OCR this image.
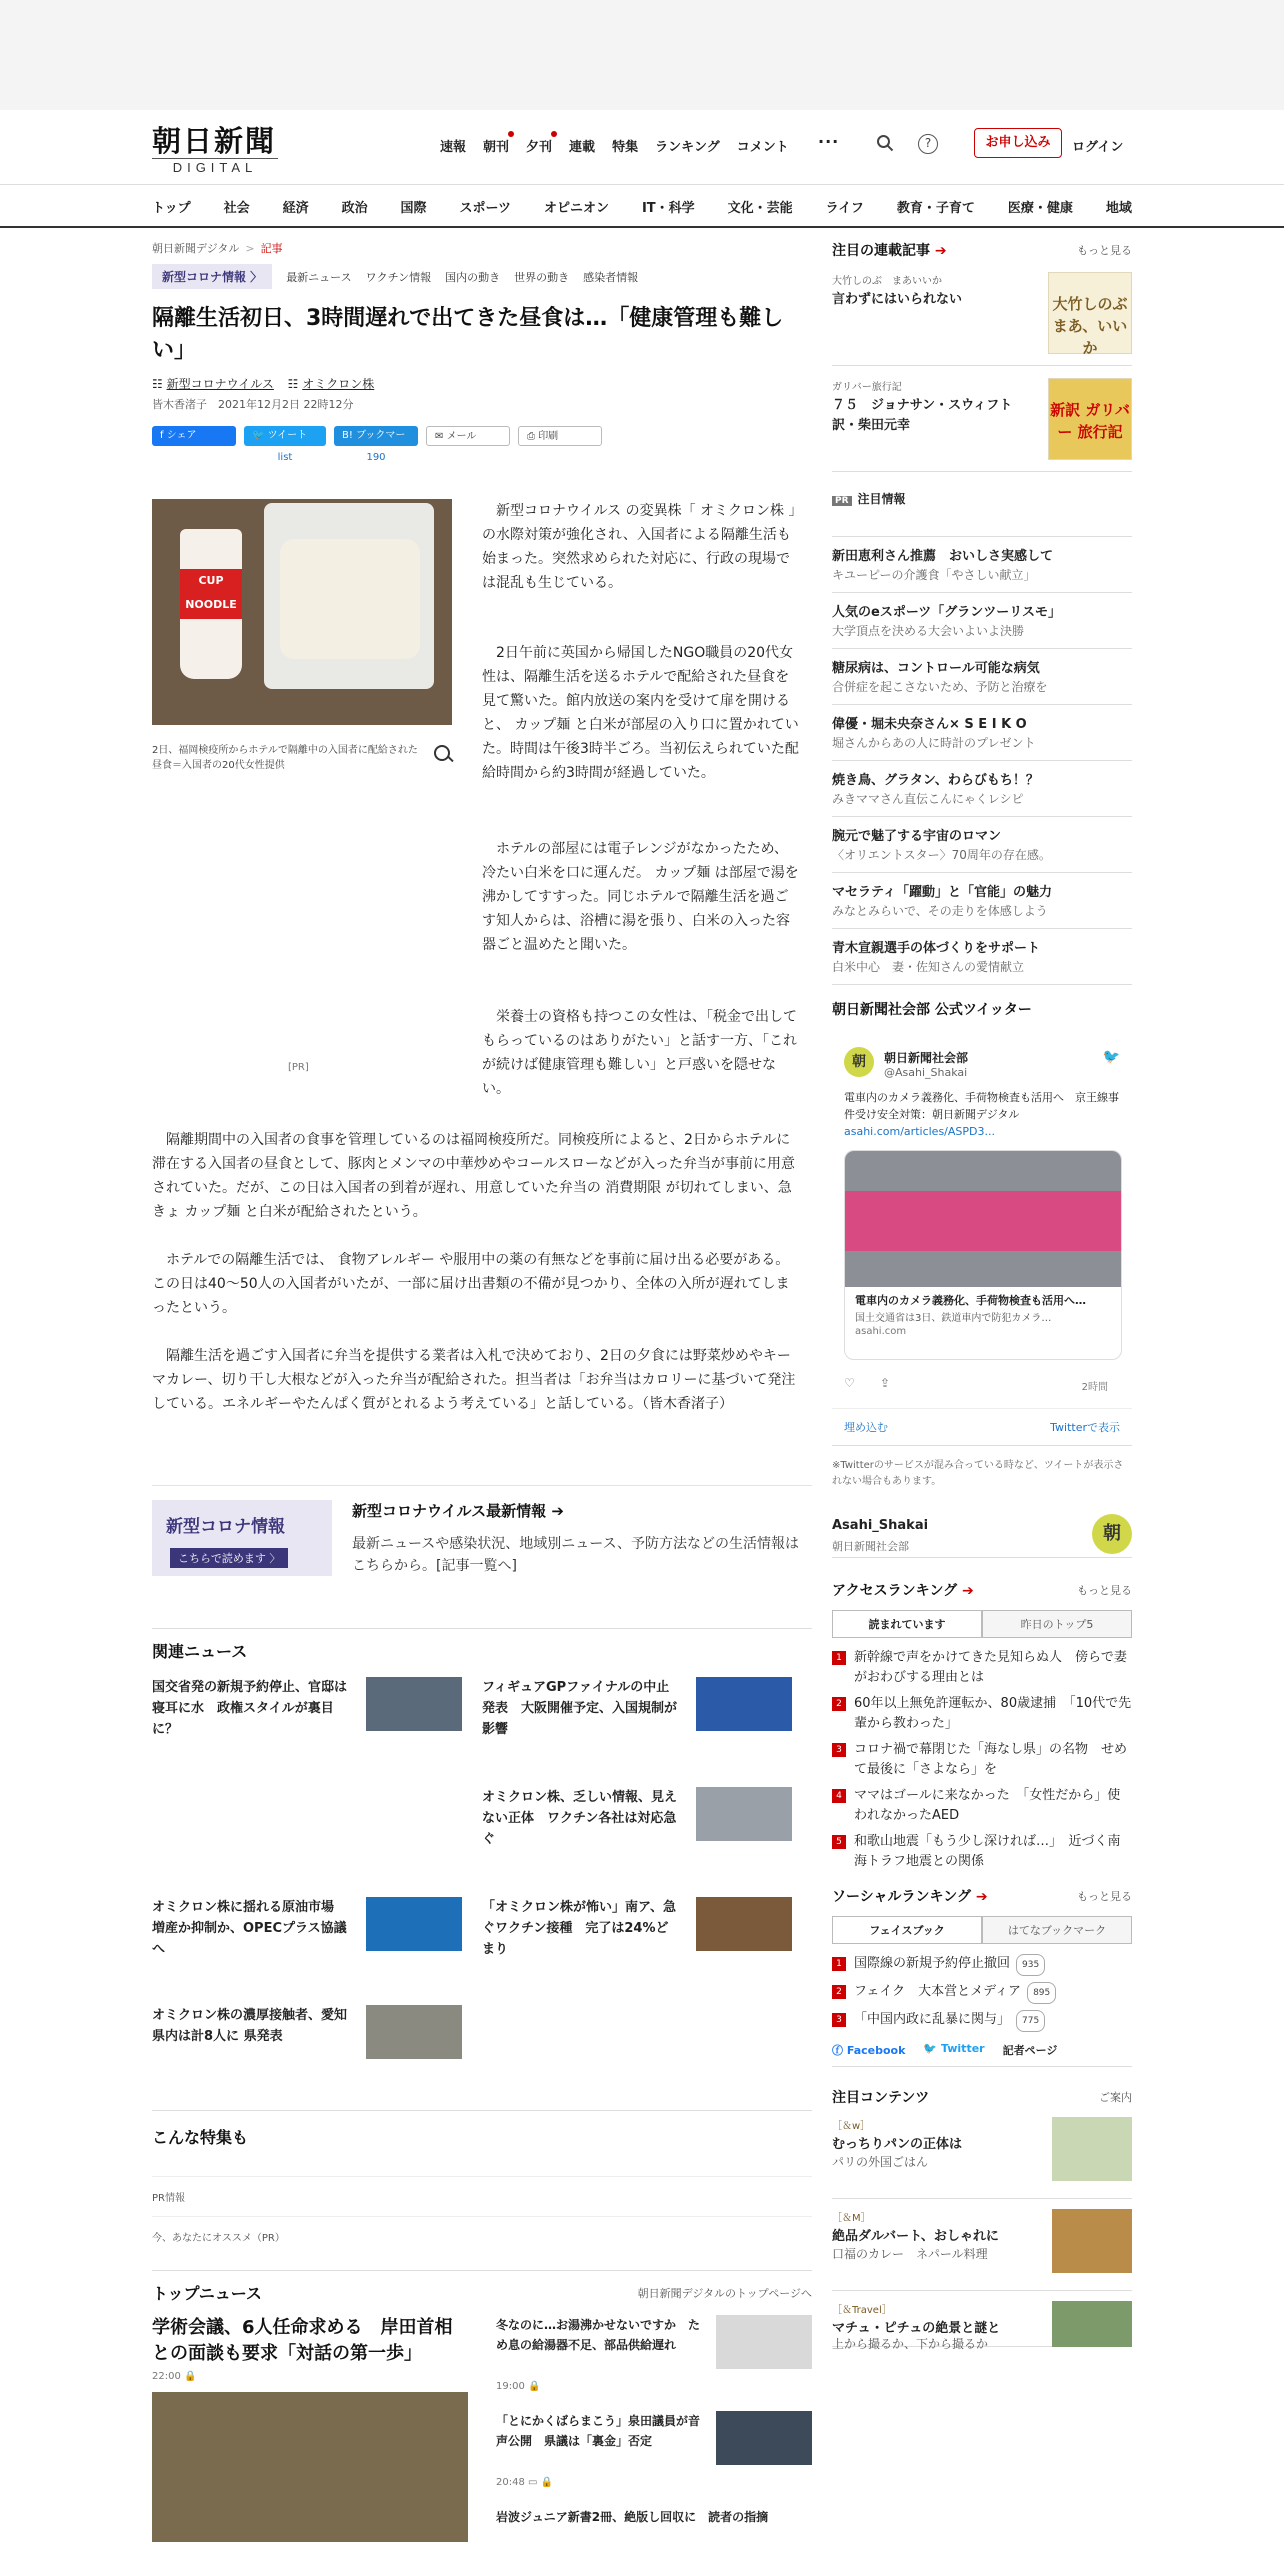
朝日新聞
DIGITAL
速報 朝刊 夕刊 連載 特集 ランキング コメント ···	?	お申し込み	ログイン
トップ	社会	経済	政治	国際	スポーツ	オピニオン	IT・科学	文化・芸能	ライフ	教育・子育て	医療・健康	地域
朝日新聞デジタル > 記事
新型コロナ情報 〉	最新ニュース ワクチン情報 国内の動き 世界の動き 感染者情報
隔離生活初日、3時間遅れで出てきた昼食は…「健康管理も難しい」
☷ 新型コロナウイルス ☷ オミクロン株
皆木香渚子　2021年12月2日 22時12分
f シェア	🐦 ツイート
list
B! ブックマーク	190
✉ メール	⎙ 印刷
CUP NOODLE
2日、福岡検疫所からホテルで隔離中の入国者に配給された昼食＝入国者の20代女性提供
[PR]

新型コロナウイルス の変異株「 オミクロン株 」の水際対策が強化され、入国者による隔離生活も始まった。突然求められた対応に、行政の現場では混乱も生じている。

2日午前に英国から帰国したNGO職員の20代女性は、隔離生活を送るホテルで配給された昼食を見て驚いた。館内放送の案内を受けて扉を開けると、 カップ麺 と白米が部屋の入り口に置かれていた。時間は午後3時半ごろ。当初伝えられていた配給時間から約3時間が経過していた。

ホテルの部屋には電子レンジがなかったため、冷たい白米を口に運んだ。 カップ麺 は部屋で湯を沸かしてすすった。同じホテルで隔離生活を過ごす知人からは、浴槽に湯を張り、白米の入った容器ごと温めたと聞いた。

栄養士の資格も持つこの女性は、「税金で出してもらっているのはありがたい」と話す一方、「これが続けば健康管理も難しい」と戸惑いを隠せない。

隔離期間中の入国者の食事を管理しているのは福岡検疫所だ。同検疫所によると、2日からホテルに滞在する入国者の昼食として、豚肉とメンマの中華炒めやコールスローなどが入った弁当が事前に用意されていた。だが、この日は入国者の到着が遅れ、用意していた弁当の 消費期限 が切れてしまい、急きょ カップ麺 と白米が配給されたという。

ホテルでの隔離生活では、 食物アレルギー や服用中の薬の有無などを事前に届け出る必要がある。この日は40～50人の入国者がいたが、一部に届け出書類の不備が見つかり、全体の入所が遅れてしまったという。

隔離生活を過ごす入国者に弁当を提供する業者は入札で決めており、2日の夕食には野菜炒めやキーマカレー、切り干し大根などが入った弁当が配給された。担当者は「お弁当はカロリーに基づいて発注している。エネルギーやたんぱく質がとれるよう考えている」と話している。（皆木香渚子）

新型コロナ情報
こちらで読めます 〉
新型コロナウイルス最新情報 ➔
最新ニュースや感染状況、地域別ニュース、予防方法などの生活情報はこちらから。[記事一覧へ]
関連ニュース
国交省発の新規予約停止、官邸は寝耳に水　政権スタイルが裏目に？
フィギュアGPファイナルの中止発表　大阪開催予定、入国規制が影響
オミクロン株、乏しい情報、見えない正体　ワクチン各社は対応急ぐ
オミクロン株に揺れる原油市場　増産か抑制か、OPECプラス協議へ
「オミクロン株が怖い」南ア、急ぐワクチン接種　完了は24%どまり
オミクロン株の濃厚接触者、愛知県内は計8人に 県発表
こんな特集も
PR情報
今、あなたにオススメ（PR）
トップニュース	朝日新聞デジタルのトップページへ
学術会議、6人任命求める　岸田首相との面談も要求「対話の第一歩」
22:00 🔒
冬なのに…お湯沸かせないですか　ため息の給湯器不足、部品供給遅れ
19:00 🔒
「とにかくばらまこう」泉田議員が音声公開　県議は「裏金」否定
20:48 ▭ 🔒
岩波ジュニア新書2冊、絶版し回収に　読者の指摘
注目の連載記事 ➔	もっと見る
大竹しのぶ　まあいいか
言わずにはいられない	大竹しのぶ まあ、いいか
ガリバー旅行記
７５　ジョナサン・スウィフト　訳・柴田元幸
新訳 ガリバー 旅行記
PR 注目情報
新田恵利さん推薦　おいしさ実感して
キユーピーの介護食「やさしい献立」
人気のeスポーツ「グランツーリスモ」
大学頂点を決める大会いよいよ決勝
糖尿病は、コントロール可能な病気
合併症を起こさないため、予防と治療を
偉優・堀未央奈さん× S E I K O
堀さんからあの人に時計のプレゼント
焼き鳥、グラタン、わらびもち！？
みきママさん直伝こんにゃくレシピ
腕元で魅了する宇宙のロマン
〈オリエントスター〉70周年の存在感。
マセラティ「躍動」と「官能」の魅力
みなとみらいで、その走りを体感しよう
青木宣親選手の体づくりをサポート
白米中心　妻・佐知さんの愛情献立
朝日新聞社会部 公式ツイッター
朝	🐦
朝日新聞社会部
@Asahi_Shakai
電車内のカメラ義務化、手荷物検査も活用へ　京王線事件受け安全対策：朝日新聞デジタル
asahi.com/articles/ASPD3...
電車内のカメラ義務化、手荷物検査も活用へ…
国土交通省は3日、鉄道車内で防犯カメラ…
asahi.com
♡ ⇪	2時間
埋め込む	Twitterで表示
※Twitterのサービスが混み合っている時など、ツイートが表示されない場合もあります。
Asahi_Shakai
朝日新聞社会部
朝
アクセスランキング ➔	もっと見る
読まれています	昨日のトップ5
1 新幹線で声をかけてきた見知らぬ人　傍らで妻がおわびする理由とは
2 60年以上無免許運転か、80歳逮捕　「10代で先輩から教わった」
3 コロナ禍で幕閉じた「海なし県」の名物　せめて最後に「さよなら」を
4 ママはゴールに来なかった　「女性だから」使われなかったAED
5 和歌山地震「もう少し深ければ…」　近づく南海トラフ地震との関係
ソーシャルランキング ➔	もっと見る
フェイスブック	はてなブックマーク
1 国際線の新規予約停止撤回 935
2 フェイク　大本営とメディア 895
3 「中国内政に乱暴に関与」 775
ⓕ Facebook 🐦 Twitter 記者ページ
注目コンテンツ	ご案内
［＆w］
むっちりパンの正体は
パリの外国ごはん
［＆M］
絶品ダルバート、おしゃれに
口福のカレー　ネパール料理
［＆Travel］
マチュ・ピチュの絶景と謎と
上から撮るか、下から撮るか
